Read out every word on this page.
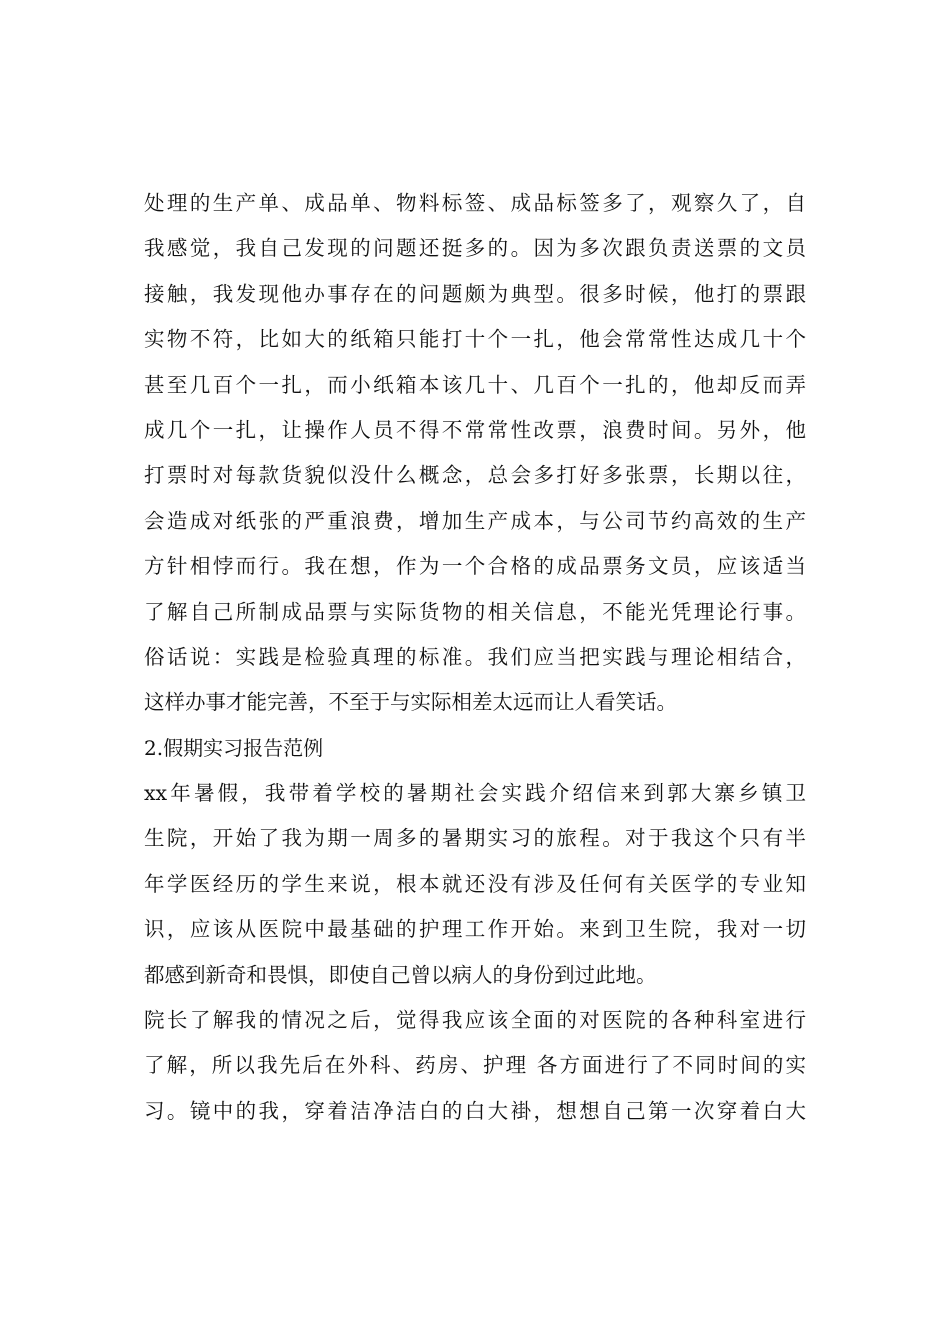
处理的生产单、成品单、物料标签、成品标签多了，观察久了，自
我感觉，我自己发现的问题还挺多的。因为多次跟负责送票的文员
接触，我发现他办事存在的问题颇为典型。很多时候，他打的票跟
实物不符，比如大的纸箱只能打十个一扎，他会常常性达成几十个
甚至几百个一扎，而小纸箱本该几十、几百个一扎的，他却反而弄
成几个一扎，让操作人员不得不常常性改票，浪费时间。另外，他
打票时对每款货貌似没什么概念，总会多打好多张票，长期以往，
会造成对纸张的严重浪费，增加生产成本，与公司节约高效的生产
方针相悖而行。我在想，作为一个合格的成品票务文员，应该适当
了解自己所制成品票与实际货物的相关信息，不能光凭理论行事。
俗话说：实践是检验真理的标准。我们应当把实践与理论相结合，
这样办事才能完善，不至于与实际相差太远而让人看笑话。
2.假期实习报告范例
xx年暑假，我带着学校的暑期社会实践介绍信来到郭大寨乡镇卫
生院，开始了我为期一周多的暑期实习的旅程。对于我这个只有半
年学医经历的学生来说，根本就还没有涉及任何有关医学的专业知
识，应该从医院中最基础的护理工作开始。来到卫生院，我对一切
都感到新奇和畏惧，即使自己曾以病人的身份到过此地。
院长了解我的情况之后，觉得我应该全面的对医院的各种科室进行
了解，所以我先后在外科、药房、护理 各方面进行了不同时间的实
习。镜中的我，穿着洁净洁白的白大褂，想想自己第一次穿着白大
